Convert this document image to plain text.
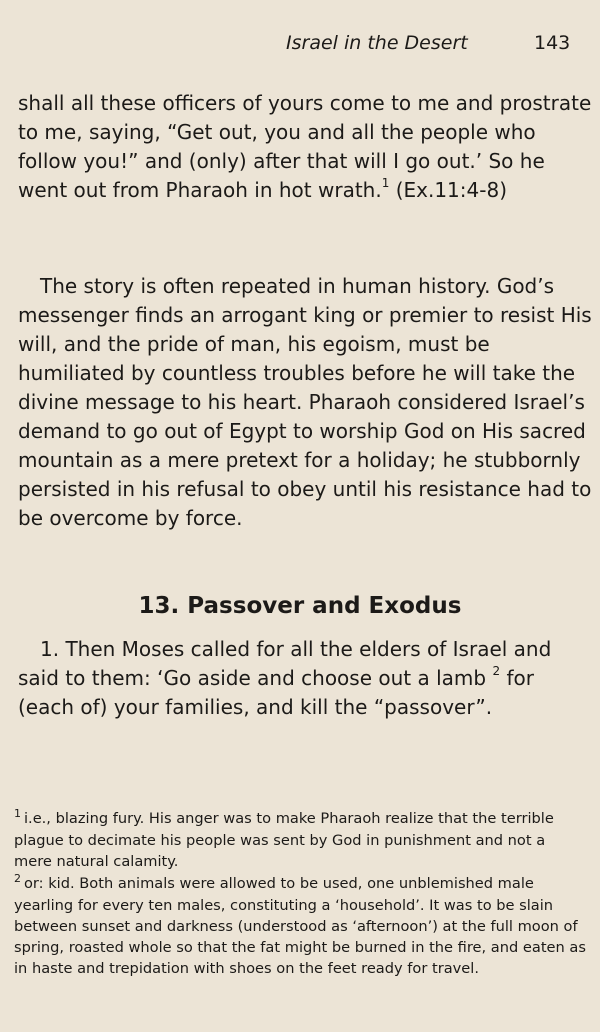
Israel in the Desert	143

shall all these officers of yours come to me and prostrate to me, saying, “Get out, you and all the people who follow you!” and (only) after that will I go out.’ So he went out from Pharaoh in hot wrath.$^1$ (Ex.11:4-8)

The story is often repeated in human history. God’s messenger finds an arrogant king or premier to resist His will, and the pride of man, his egoism, must be humiliated by countless troubles before he will take the divine message to his heart. Pharaoh considered Israel’s demand to go out of Egypt to worship God on His sacred mountain as a mere pretext for a holiday; he stubbornly persisted in his refusal to obey until his resistance had to be overcome by force.

13. Passover and Exodus

1. Then Moses called for all the elders of Israel and said to them: ‘Go aside and choose out a lamb $^2$ for (each of) your families, and kill the “passover”.

$^1$ i.e., blazing fury. His anger was to make Pharaoh realize that the terrible plague to decimate his people was sent by God in punishment and not a mere natural calamity.
$^2$ or: kid. Both animals were allowed to be used, one unblemished male yearling for every ten males, constituting a ‘household’. It was to be slain between sunset and darkness (understood as ‘afternoon’) at the full moon of spring, roasted whole so that the fat might be burned in the fire, and eaten as in haste and trepidation with shoes on the feet ready for travel.
